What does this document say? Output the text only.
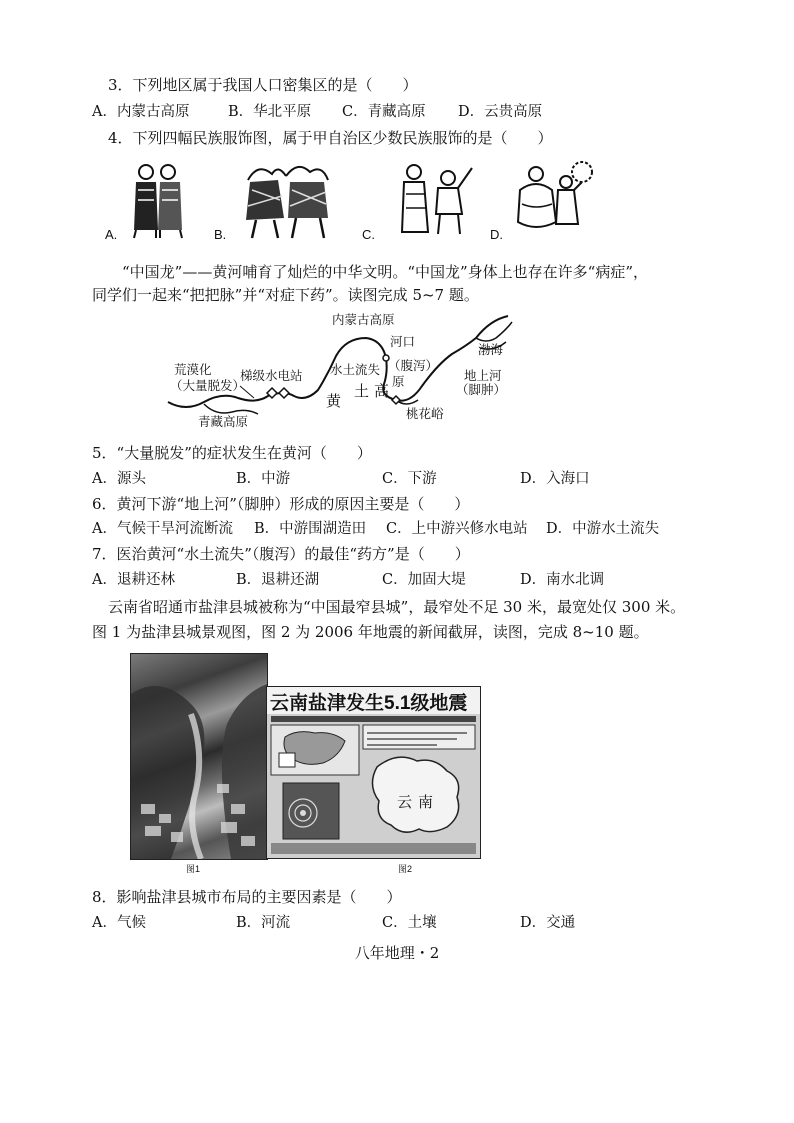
3．下列地区属于我国人口密集区的是（　　）
A．内蒙古高原	B．华北平原 C．青藏高原 D．云贵高原
4．下列四幅民族服饰图，属于甲自治区少数民族服饰的是（　　）
A.	B.	C.	D.
“中国龙”——黄河哺育了灿烂的中华文明。“中国龙”身体上也存在许多“病症”，
同学们一起来“把把脉”并“对症下药”。读图完成 5~7 题。
内蒙古高原
河口
渤海
水土流失 （腹泻）
原
土 高
黄
地上河
（脚肿）
梯级水电站
荒漠化
（大量脱发）
青藏高原
桃花峪
5．“大量脱发”的症状发生在黄河（　　）
A．源头	B．中游	C．下游	D．入海口
6．黄河下游“地上河”（脚肿）形成的原因主要是（　　）
A．气候干旱河流断流 B．中游围湖造田 C．上中游兴修水电站 D．中游水土流失
7．医治黄河“水土流失”（腹泻）的最佳“药方”是（　　）
A．退耕还林	B．退耕还湖	C．加固大堤	D．南水北调
云南省昭通市盐津县城被称为“中国最窄县城”，最窄处不足 30 米，最宽处仅 300 米。
图 1 为盐津县城景观图，图 2 为 2006 年地震的新闻截屏，读图，完成 8~10 题。
图1
云南
云南盐津发生5.1级地震
图2
8．影响盐津县城市布局的主要因素是（　　）
A．气候	B．河流	C．土壤	D．交通
八年地理・2
